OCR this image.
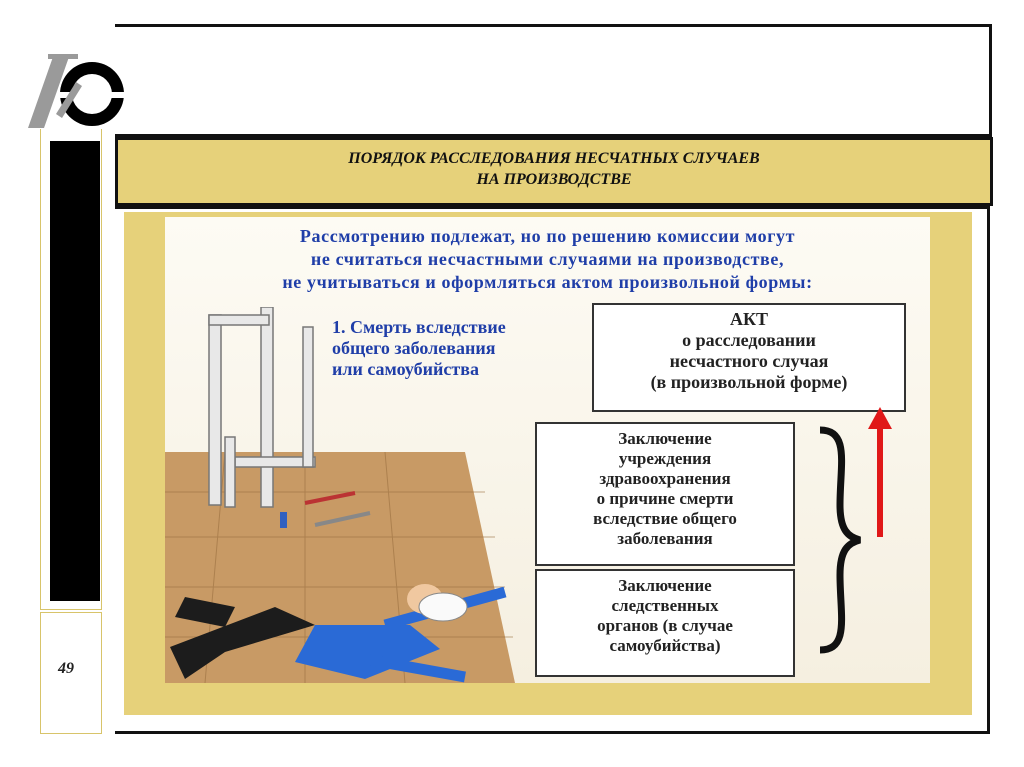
ПОРЯДОК РАССЛЕДОВАНИЯ НЕСЧАТНЫХ СЛУЧАЕВ
НА ПРОИЗВОДСТВЕ
49
Рассмотрению подлежат, но по решению комиссии могут
не считаться несчастными случаями на производстве,
не учитываться и оформляться актом произвольной формы:
1. Смерть вследствие
общего заболевания
или самоубийства
АКТ
о расследовании
несчастного случая
(в произвольной форме)
Заключение
учреждения
здравоохранения
о причине смерти
вследствие общего
заболевания
Заключение
следственных
органов (в случае
самоубийства)
